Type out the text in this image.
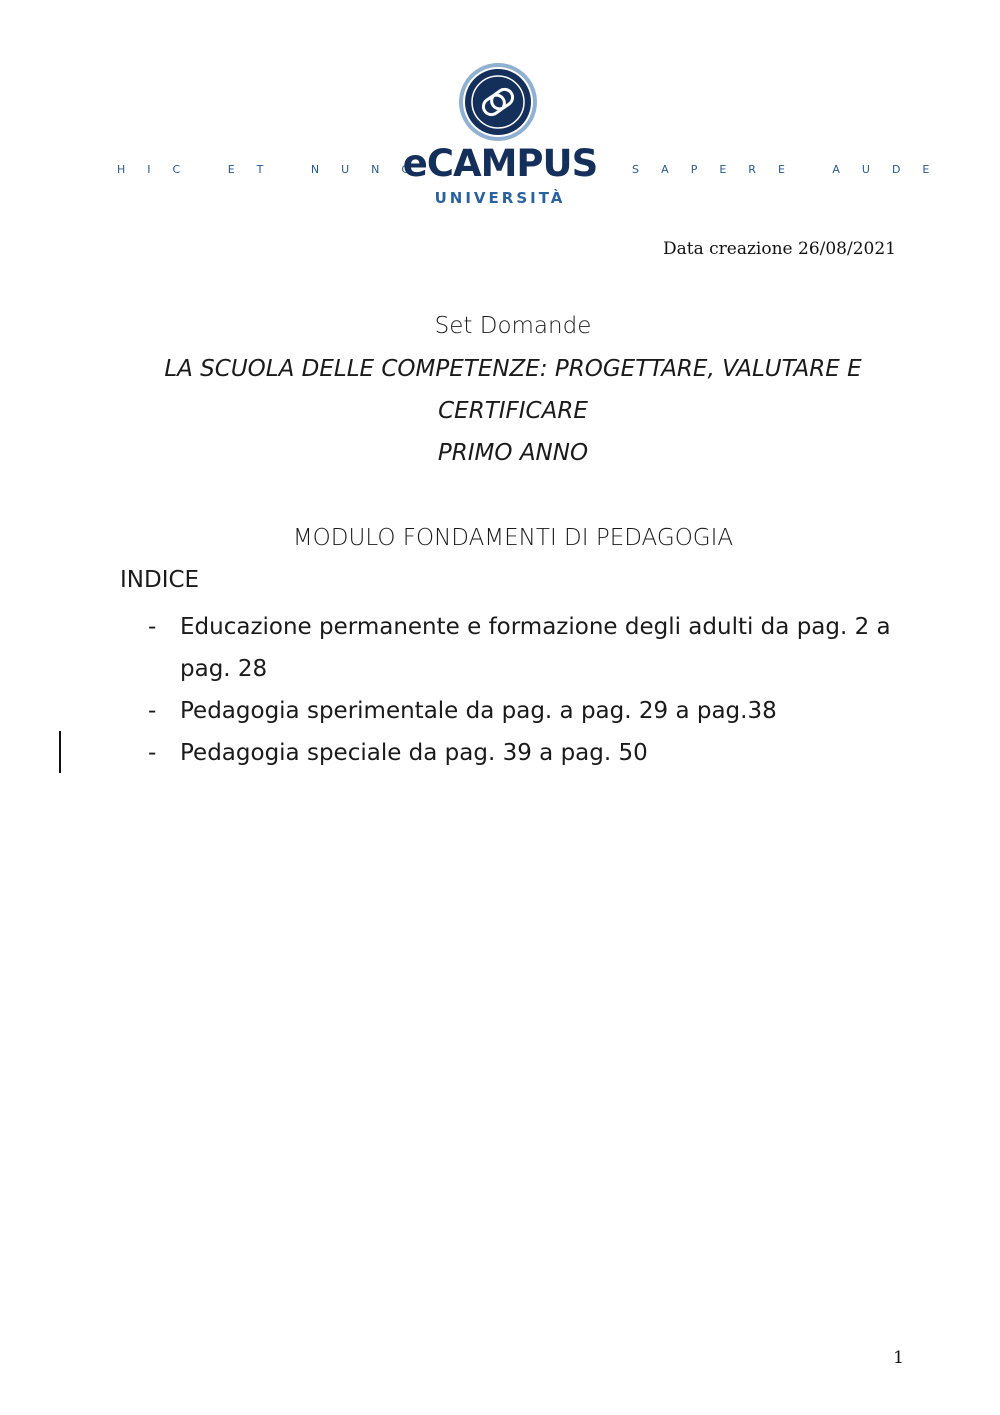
HIC ET NUNC
eCAMPUS
UNIVERSITÀ
SAPERE AUDE
Data creazione 26/08/2021
Set Domande
LA SCUOLA DELLE COMPETENZE: PROGETTARE, VALUTARE E
CERTIFICARE
PRIMO ANNO
MODULO FONDAMENTI DI PEDAGOGIA
INDICE
- Educazione permanente e formazione degli adulti da pag. 2 a pag. 28
- Pedagogia sperimentale da pag. a pag. 29 a pag.38
- Pedagogia speciale da pag. 39 a pag. 50
1
